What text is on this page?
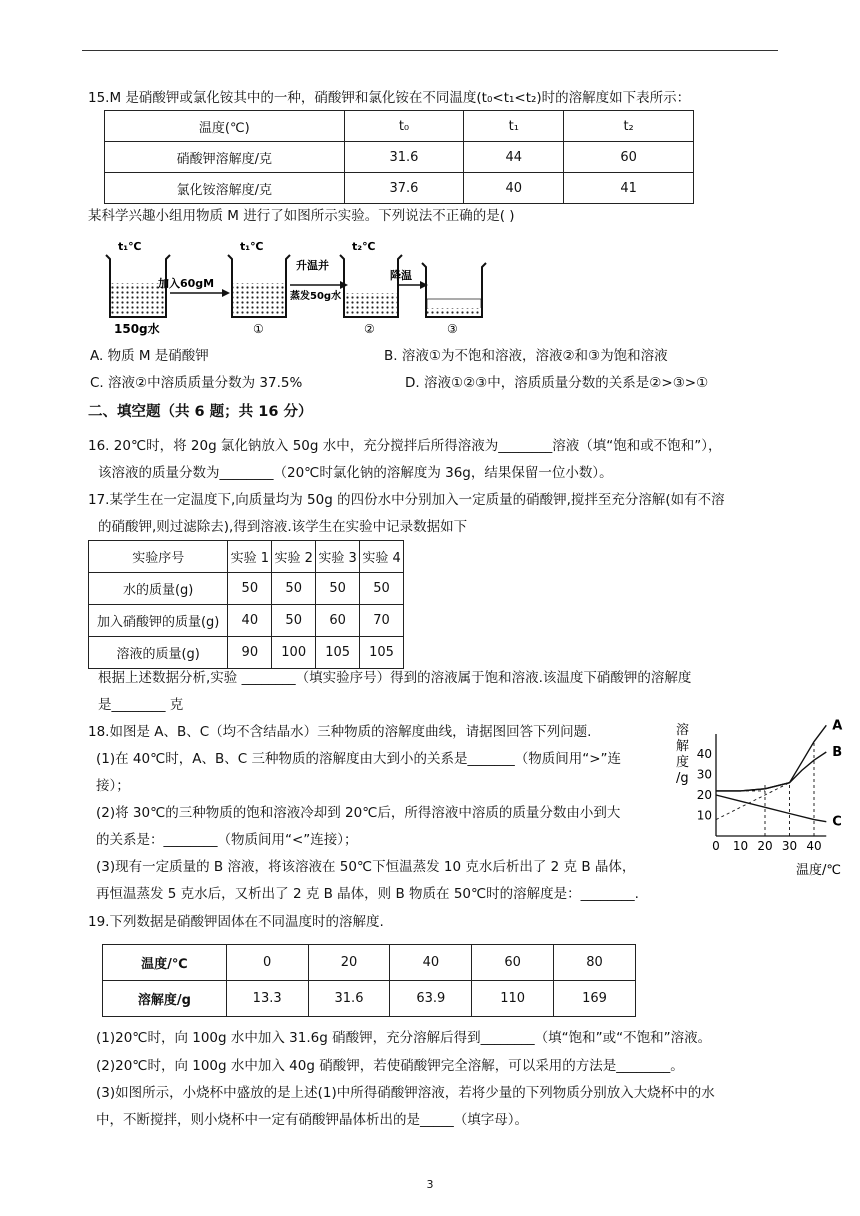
15.M 是硝酸钾或氯化铵其中的一种，硝酸钾和氯化铵在不同温度(t₀<t₁<t₂)时的溶解度如下表所示：
温度(℃)	t₀	t₁	t₂
硝酸钾溶解度/克	31.6	44	60
氯化铵溶解度/克	37.6	40	41
某科学兴趣小组用物质 M 进行了如图所示实验。下列说法不正确的是( )
t₁℃
150g水
加入60gM
t₁℃
①
升温并
蒸发50g水
t₂℃
②
降温
③
A. 物质 M 是硝酸钾	B. 溶液①为不饱和溶液，溶液②和③为饱和溶液
C. 溶液②中溶质质量分数为 37.5%	D. 溶液①②③中，溶质质量分数的关系是②>③>①
二、填空题（共 6 题；共 16 分）
16. 20℃时，将 20g 氯化钠放入 50g 水中，充分搅拌后所得溶液为________溶液（填“饱和或不饱和”），
该溶液的质量分数为________（20℃时氯化钠的溶解度为 36g，结果保留一位小数）。
17.某学生在一定温度下,向质量均为 50g 的四份水中分别加入一定质量的硝酸钾,搅拌至充分溶解(如有不溶
的硝酸钾,则过滤除去),得到溶液.该学生在实验中记录数据如下
实验序号	实验 1	实验 2	实验 3	实验 4
水的质量(g)	50	50	50	50
加入硝酸钾的质量(g)	40	50	60	70
溶液的质量(g)	90	100	105	105
根据上述数据分析,实验 ________（填实验序号）得到的溶液属于饱和溶液.该温度下硝酸钾的溶解度
是________ 克
18.如图是 A、B、C（均不含结晶水）三种物质的溶解度曲线，请据图回答下列问题.
(1)在 40℃时，A、B、C 三种物质的溶解度由大到小的关系是_______（物质间用“>”连
接）；
(2)将 30℃的三种物质的饱和溶液冷却到 20℃后，所得溶液中溶质的质量分数由小到大
的关系是：________（物质间用“<”连接）；
(3)现有一定质量的 B 溶液，将该溶液在 50℃下恒温蒸发 10 克水后析出了 2 克 B 晶体，
再恒温蒸发 5 克水后，又析出了 2 克 B 晶体，则 B 物质在 50℃时的溶解度是：________.
溶
解
度
/g
10
20
30
40
0 10 20 30 40
温度/℃
A
B
C
19.下列数据是硝酸钾固体在不同温度时的溶解度.
温度/℃	0	20	40	60	80
溶解度/g	13.3	31.6	63.9	110	169
(1)20℃时，向 100g 水中加入 31.6g 硝酸钾，充分溶解后得到________（填“饱和”或“不饱和”溶液。
(2)20℃时，向 100g 水中加入 40g 硝酸钾，若使硝酸钾完全溶解，可以采用的方法是________。
(3)如图所示，小烧杯中盛放的是上述(1)中所得硝酸钾溶液，若将少量的下列物质分别放入大烧杯中的水
中，不断搅拌，则小烧杯中一定有硝酸钾晶体析出的是_____（填字母）。
3
